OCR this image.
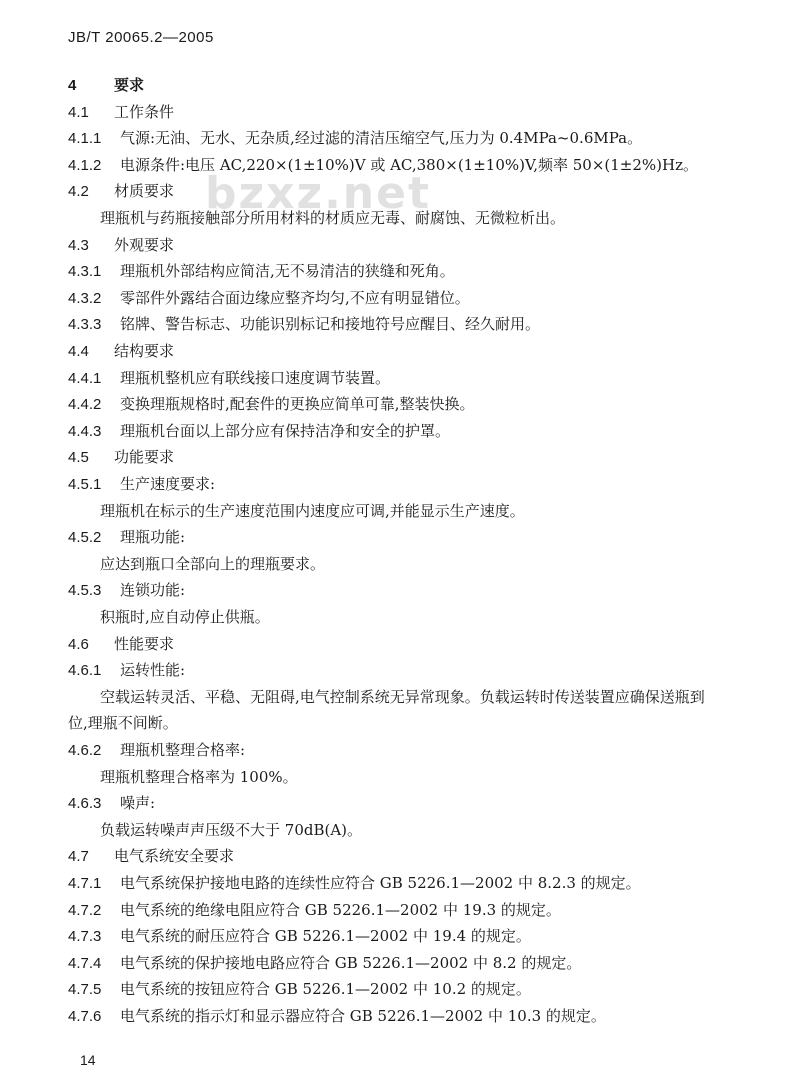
JB/T 20065.2—2005
bzxz.net
4	要求
4.1 工作条件
4.1.1 气源:无油、无水、无杂质,经过滤的清洁压缩空气,压力为 0.4MPa~0.6MPa。
4.1.2 电源条件:电压 AC,220×(1±10%)V 或 AC,380×(1±10%)V,频率 50×(1±2%)Hz。
4.2 材质要求
理瓶机与药瓶接触部分所用材料的材质应无毒、耐腐蚀、无微粒析出。
4.3 外观要求
4.3.1 理瓶机外部结构应简洁,无不易清洁的狭缝和死角。
4.3.2 零部件外露结合面边缘应整齐均匀,不应有明显错位。
4.3.3 铭牌、警告标志、功能识别标记和接地符号应醒目、经久耐用。
4.4 结构要求
4.4.1 理瓶机整机应有联线接口速度调节装置。
4.4.2 变换理瓶规格时,配套件的更换应简单可靠,整装快换。
4.4.3 理瓶机台面以上部分应有保持洁净和安全的护罩。
4.5 功能要求
4.5.1 生产速度要求:
理瓶机在标示的生产速度范围内速度应可调,并能显示生产速度。
4.5.2 理瓶功能:
应达到瓶口全部向上的理瓶要求。
4.5.3 连锁功能:
积瓶时,应自动停止供瓶。
4.6 性能要求
4.6.1 运转性能:
空载运转灵活、平稳、无阻碍,电气控制系统无异常现象。负载运转时传送装置应确保送瓶到
位,理瓶不间断。
4.6.2 理瓶机整理合格率:
理瓶机整理合格率为 100%。
4.6.3 噪声:
负载运转噪声声压级不大于 70dB(A)。
4.7 电气系统安全要求
4.7.1 电气系统保护接地电路的连续性应符合 GB 5226.1—2002 中 8.2.3 的规定。
4.7.2 电气系统的绝缘电阻应符合 GB 5226.1—2002 中 19.3 的规定。
4.7.3 电气系统的耐压应符合 GB 5226.1—2002 中 19.4 的规定。
4.7.4 电气系统的保护接地电路应符合 GB 5226.1—2002 中 8.2 的规定。
4.7.5 电气系统的按钮应符合 GB 5226.1—2002 中 10.2 的规定。
4.7.6 电气系统的指示灯和显示器应符合 GB 5226.1—2002 中 10.3 的规定。
14
